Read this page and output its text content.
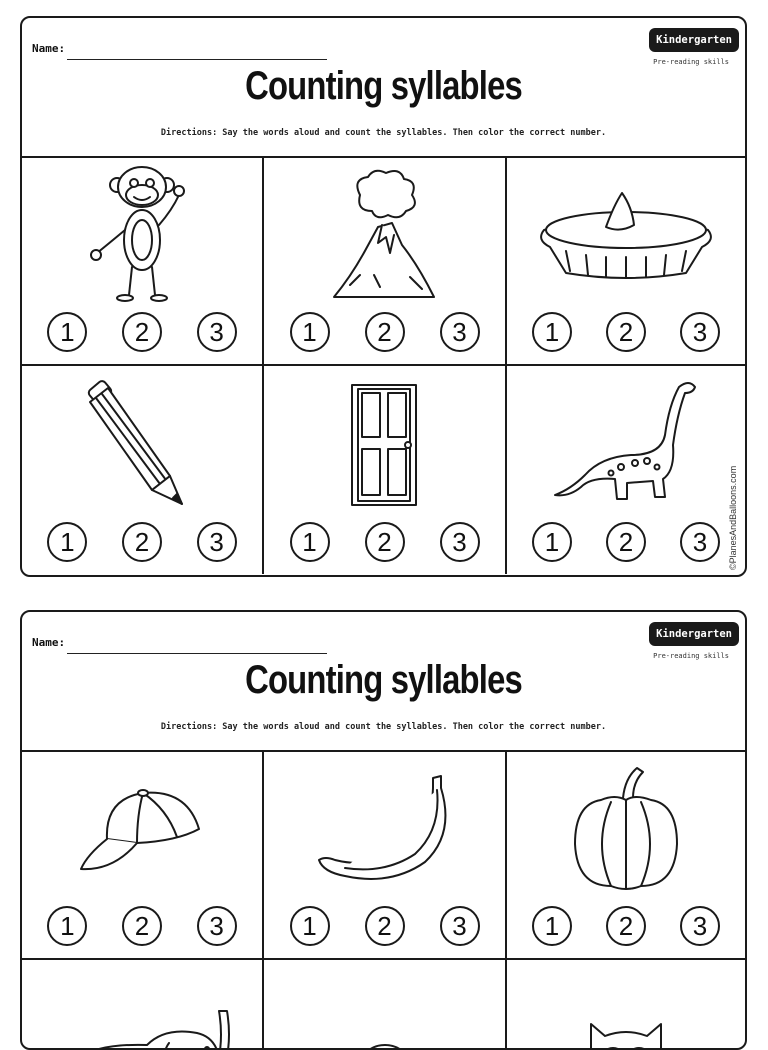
Name:
Kindergarten
Pre-reading skills
Counting syllables
Directions: Say the words aloud and count the syllables. Then color the correct number.
1	2	3	1	2	3	1	2	3
1	2	3	1	2	3	1	2	3	©PlanesAndBalloons.com
Name:
Kindergarten
Pre-reading skills
Counting syllables
Directions: Say the words aloud and count the syllables. Then color the correct number.
1	2	3	1	2	3	1	2	3
